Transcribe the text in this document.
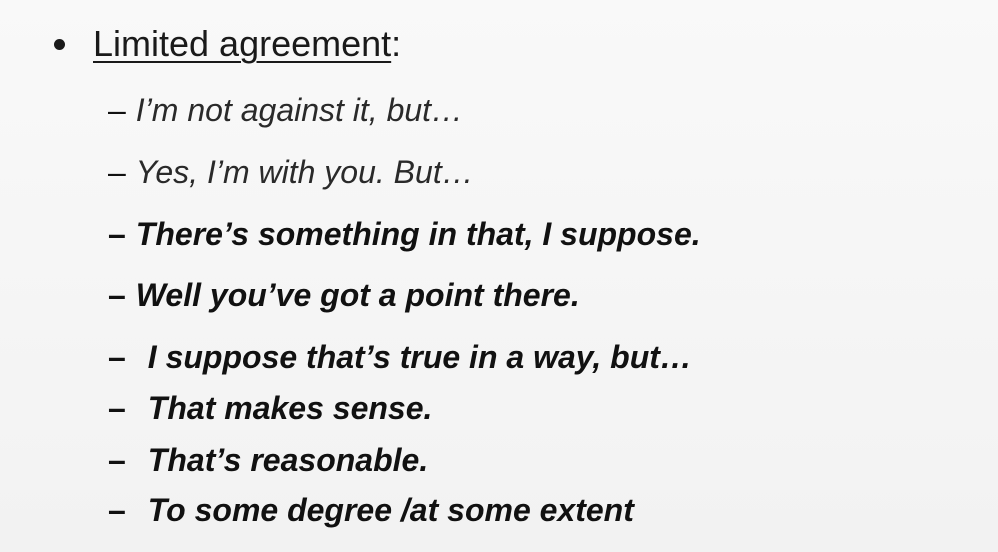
Limited agreement:
– I’m not against it, but…
– Yes, I’m with you. But…
– There’s something in that, I suppose.
– Well you’ve got a point there.
– I suppose that’s true in a way, but…
– That makes sense.
– That’s reasonable.
– To some degree /at some extent
